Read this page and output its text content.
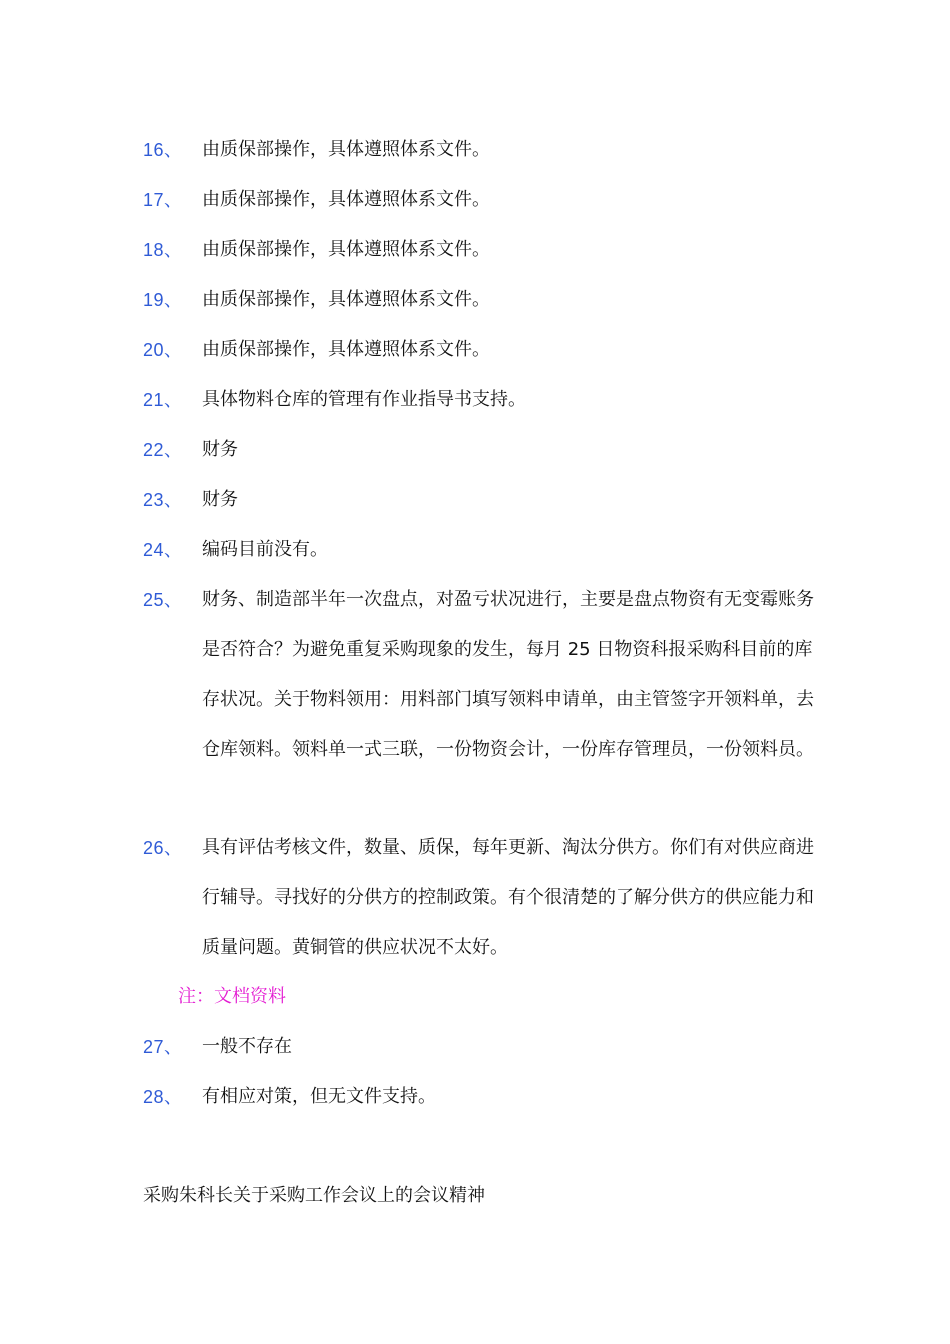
16、	由质保部操作，具体遵照体系文件。
17、	由质保部操作，具体遵照体系文件。
18、	由质保部操作，具体遵照体系文件。
19、	由质保部操作，具体遵照体系文件。
20、	由质保部操作，具体遵照体系文件。
21、	具体物料仓库的管理有作业指导书支持。
22、	财务
23、	财务
24、	编码目前没有。
25、	财务、制造部半年一次盘点，对盈亏状况进行，主要是盘点物资有无变霉账务是否符合？为避免重复采购现象的发生，每月 25 日物资科报采购科目前的库存状况。关于物料领用：用料部门填写领料申请单，由主管签字开领料单，去仓库领料。领料单一式三联，一份物资会计，一份库存管理员，一份领料员。
26、	具有评估考核文件，数量、质保，每年更新、淘汰分供方。你们有对供应商进行辅导。寻找好的分供方的控制政策。有个很清楚的了解分供方的供应能力和质量问题。黄铜管的供应状况不太好。
注：文档资料
27、	一般不存在
28、	有相应对策，但无文件支持。
采购朱科长关于采购工作会议上的会议精神
